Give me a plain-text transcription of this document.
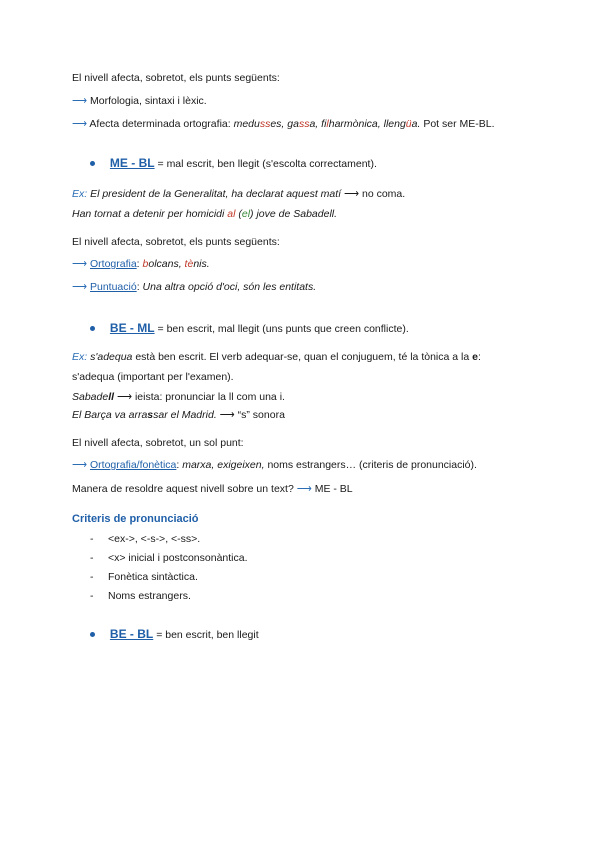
El nivell afecta, sobretot, els punts següents:
⟶ Morfologia, sintaxi i lèxic.
⟶ Afecta determinada ortografia: medusses, gassa, filharmònica, llengüa. Pot ser ME-BL.
ME - BL = mal escrit, ben llegit (s'escolta correctament).
Ex: El president de la Generalitat, ha declarat aquest matí ⟶ no coma.
Han tornat a detenir per homicidi al (el) jove de Sabadell.
El nivell afecta, sobretot, els punts següents:
⟶ Ortografia: bolcans, tènis.
⟶ Puntuació: Una altra opció d'oci, són les entitats.
BE - ML = ben escrit, mal llegit (uns punts que creen conflicte).
Ex: s'adequa està ben escrit. El verb adequar-se, quan el conjuguem, té la tònica a la e:
s'adequa (important per l'examen).
Sabadell ⟶ ieista: pronunciar la ll com una i.
El Barça va arrassar el Madrid. ⟶ “s” sonora
El nivell afecta, sobretot, un sol punt:
⟶ Ortografia/fonètica: marxa, exigeixen, noms estrangers… (criteris de pronunciació).
Manera de resoldre aquest nivell sobre un text? ⟶ ME - BL
Criteris de pronunciació
- <ex->, <-s->, <-ss>.
- <x> inicial i postconsonàntica.
- Fonètica sintàctica.
- Noms estrangers.
BE - BL = ben escrit, ben llegit
